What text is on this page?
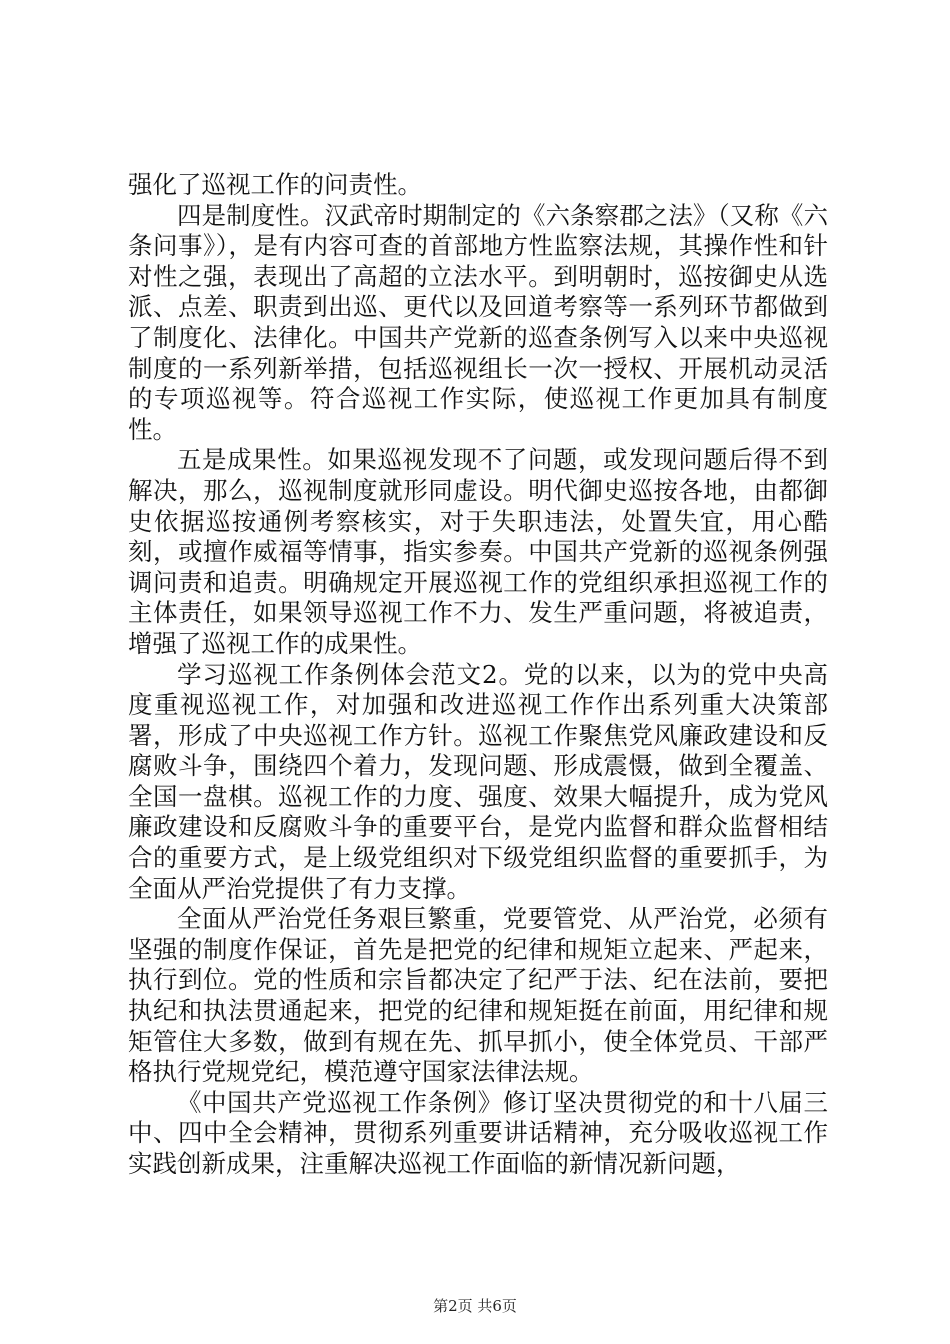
强化了巡视工作的问责性。

四是制度性。汉武帝时期制定的《六条察郡之法》（又称《六条问事》），是有内容可查的首部地方性监察法规，其操作性和针对性之强，表现出了高超的立法水平。到明朝时，巡按御史从选派、点差、职责到出巡、更代以及回道考察等一系列环节都做到了制度化、法律化。中国共产党新的巡查条例写入以来中央巡视制度的一系列新举措，包括巡视组长一次一授权、开展机动灵活的专项巡视等。符合巡视工作实际，使巡视工作更加具有制度性。

五是成果性。如果巡视发现不了问题，或发现问题后得不到解决，那么，巡视制度就形同虚设。明代御史巡按各地，由都御史依据巡按通例考察核实，对于失职违法，处置失宜，用心酷刻，或擅作威福等情事，指实参奏。中国共产党新的巡视条例强调问责和追责。明确规定开展巡视工作的党组织承担巡视工作的主体责任，如果领导巡视工作不力、发生严重问题，将被追责，增强了巡视工作的成果性。

学习巡视工作条例体会范文2。党的以来，以为的党中央高度重视巡视工作，对加强和改进巡视工作作出系列重大决策部署，形成了中央巡视工作方针。巡视工作聚焦党风廉政建设和反腐败斗争，围绕四个着力，发现问题、形成震慑，做到全覆盖、全国一盘棋。巡视工作的力度、强度、效果大幅提升，成为党风廉政建设和反腐败斗争的重要平台，是党内监督和群众监督相结合的重要方式，是上级党组织对下级党组织监督的重要抓手，为全面从严治党提供了有力支撑。

全面从严治党任务艰巨繁重，党要管党、从严治党，必须有坚强的制度作保证，首先是把党的纪律和规矩立起来、严起来，执行到位。党的性质和宗旨都决定了纪严于法、纪在法前，要把执纪和执法贯通起来，把党的纪律和规矩挺在前面，用纪律和规矩管住大多数，做到有规在先、抓早抓小，使全体党员、干部严格执行党规党纪，模范遵守国家法律法规。

《中国共产党巡视工作条例》修订坚决贯彻党的和十八届三中、四中全会精神，贯彻系列重要讲话精神，充分吸收巡视工作实践创新成果，注重解决巡视工作面临的新情况新问题，

第2页 共6页
